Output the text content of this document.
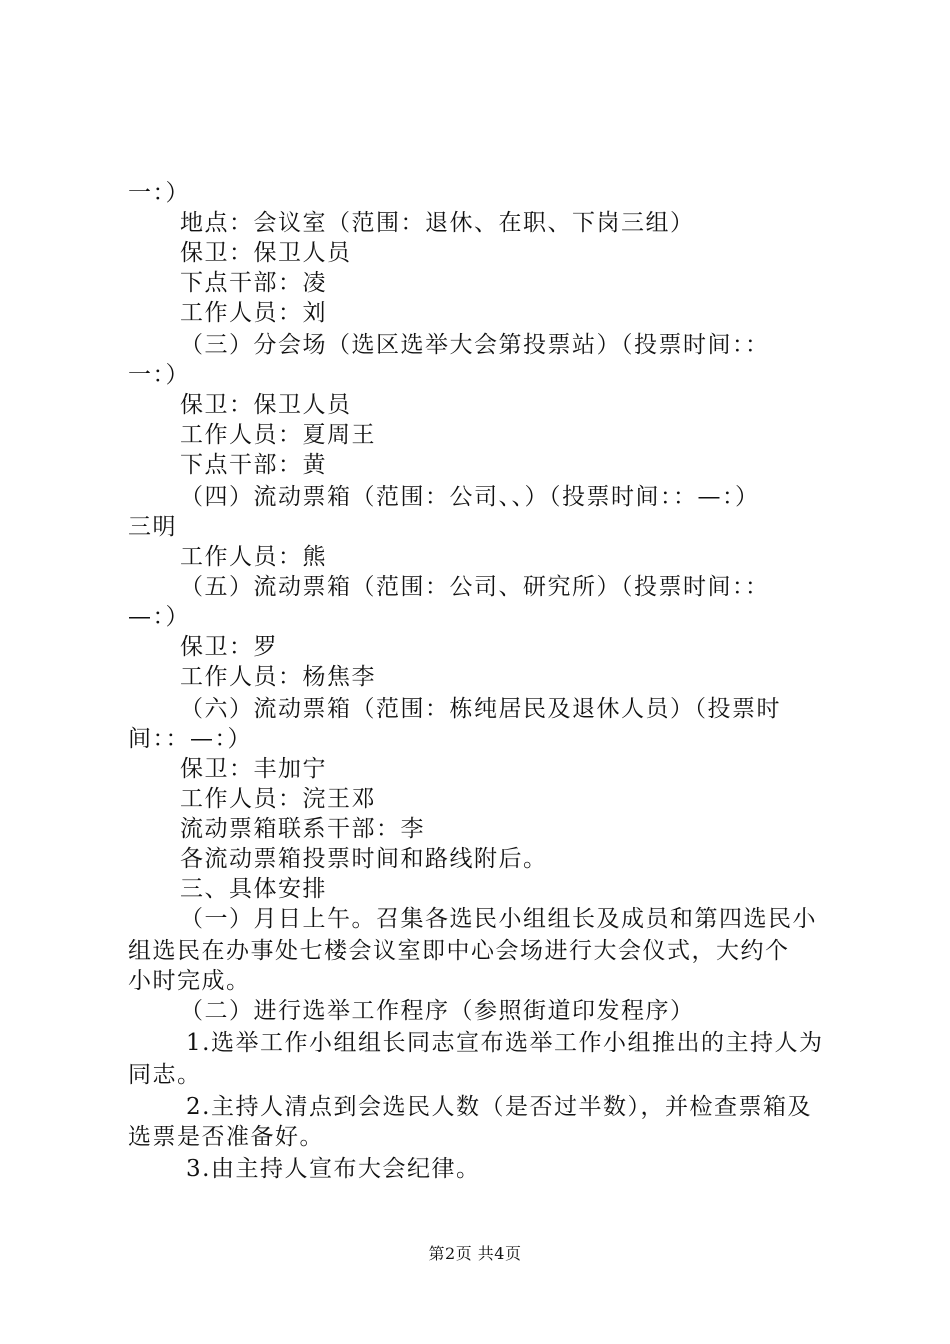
一：）
地点：会议室（范围：退休、在职、下岗三组）
保卫：保卫人员
下点干部：凌
工作人员：刘
（三）分会场（选区选举大会第投票站）（投票时间：：
一：）
保卫：保卫人员
工作人员：夏周王
下点干部：黄
（四）流动票箱（范围：公司、、）（投票时间：：—：）
三明
工作人员：熊
（五）流动票箱（范围：公司、研究所）（投票时间：：
—：）
保卫：罗
工作人员：杨焦李
（六）流动票箱（范围：栋纯居民及退休人员）（投票时
间：：—：）
保卫：丰加宁
工作人员：浣王邓
流动票箱联系干部：李
各流动票箱投票时间和路线附后。
三、具体安排
（一）月日上午。召集各选民小组组长及成员和第四选民小
组选民在办事处七楼会议室即中心会场进行大会仪式，大约个
小时完成。
（二）进行选举工作程序（参照街道印发程序）
1.选举工作小组组长同志宣布选举工作小组推出的主持人为
同志。
2.主持人清点到会选民人数（是否过半数），并检查票箱及
选票是否准备好。
3.由主持人宣布大会纪律。
第2页 共4页
